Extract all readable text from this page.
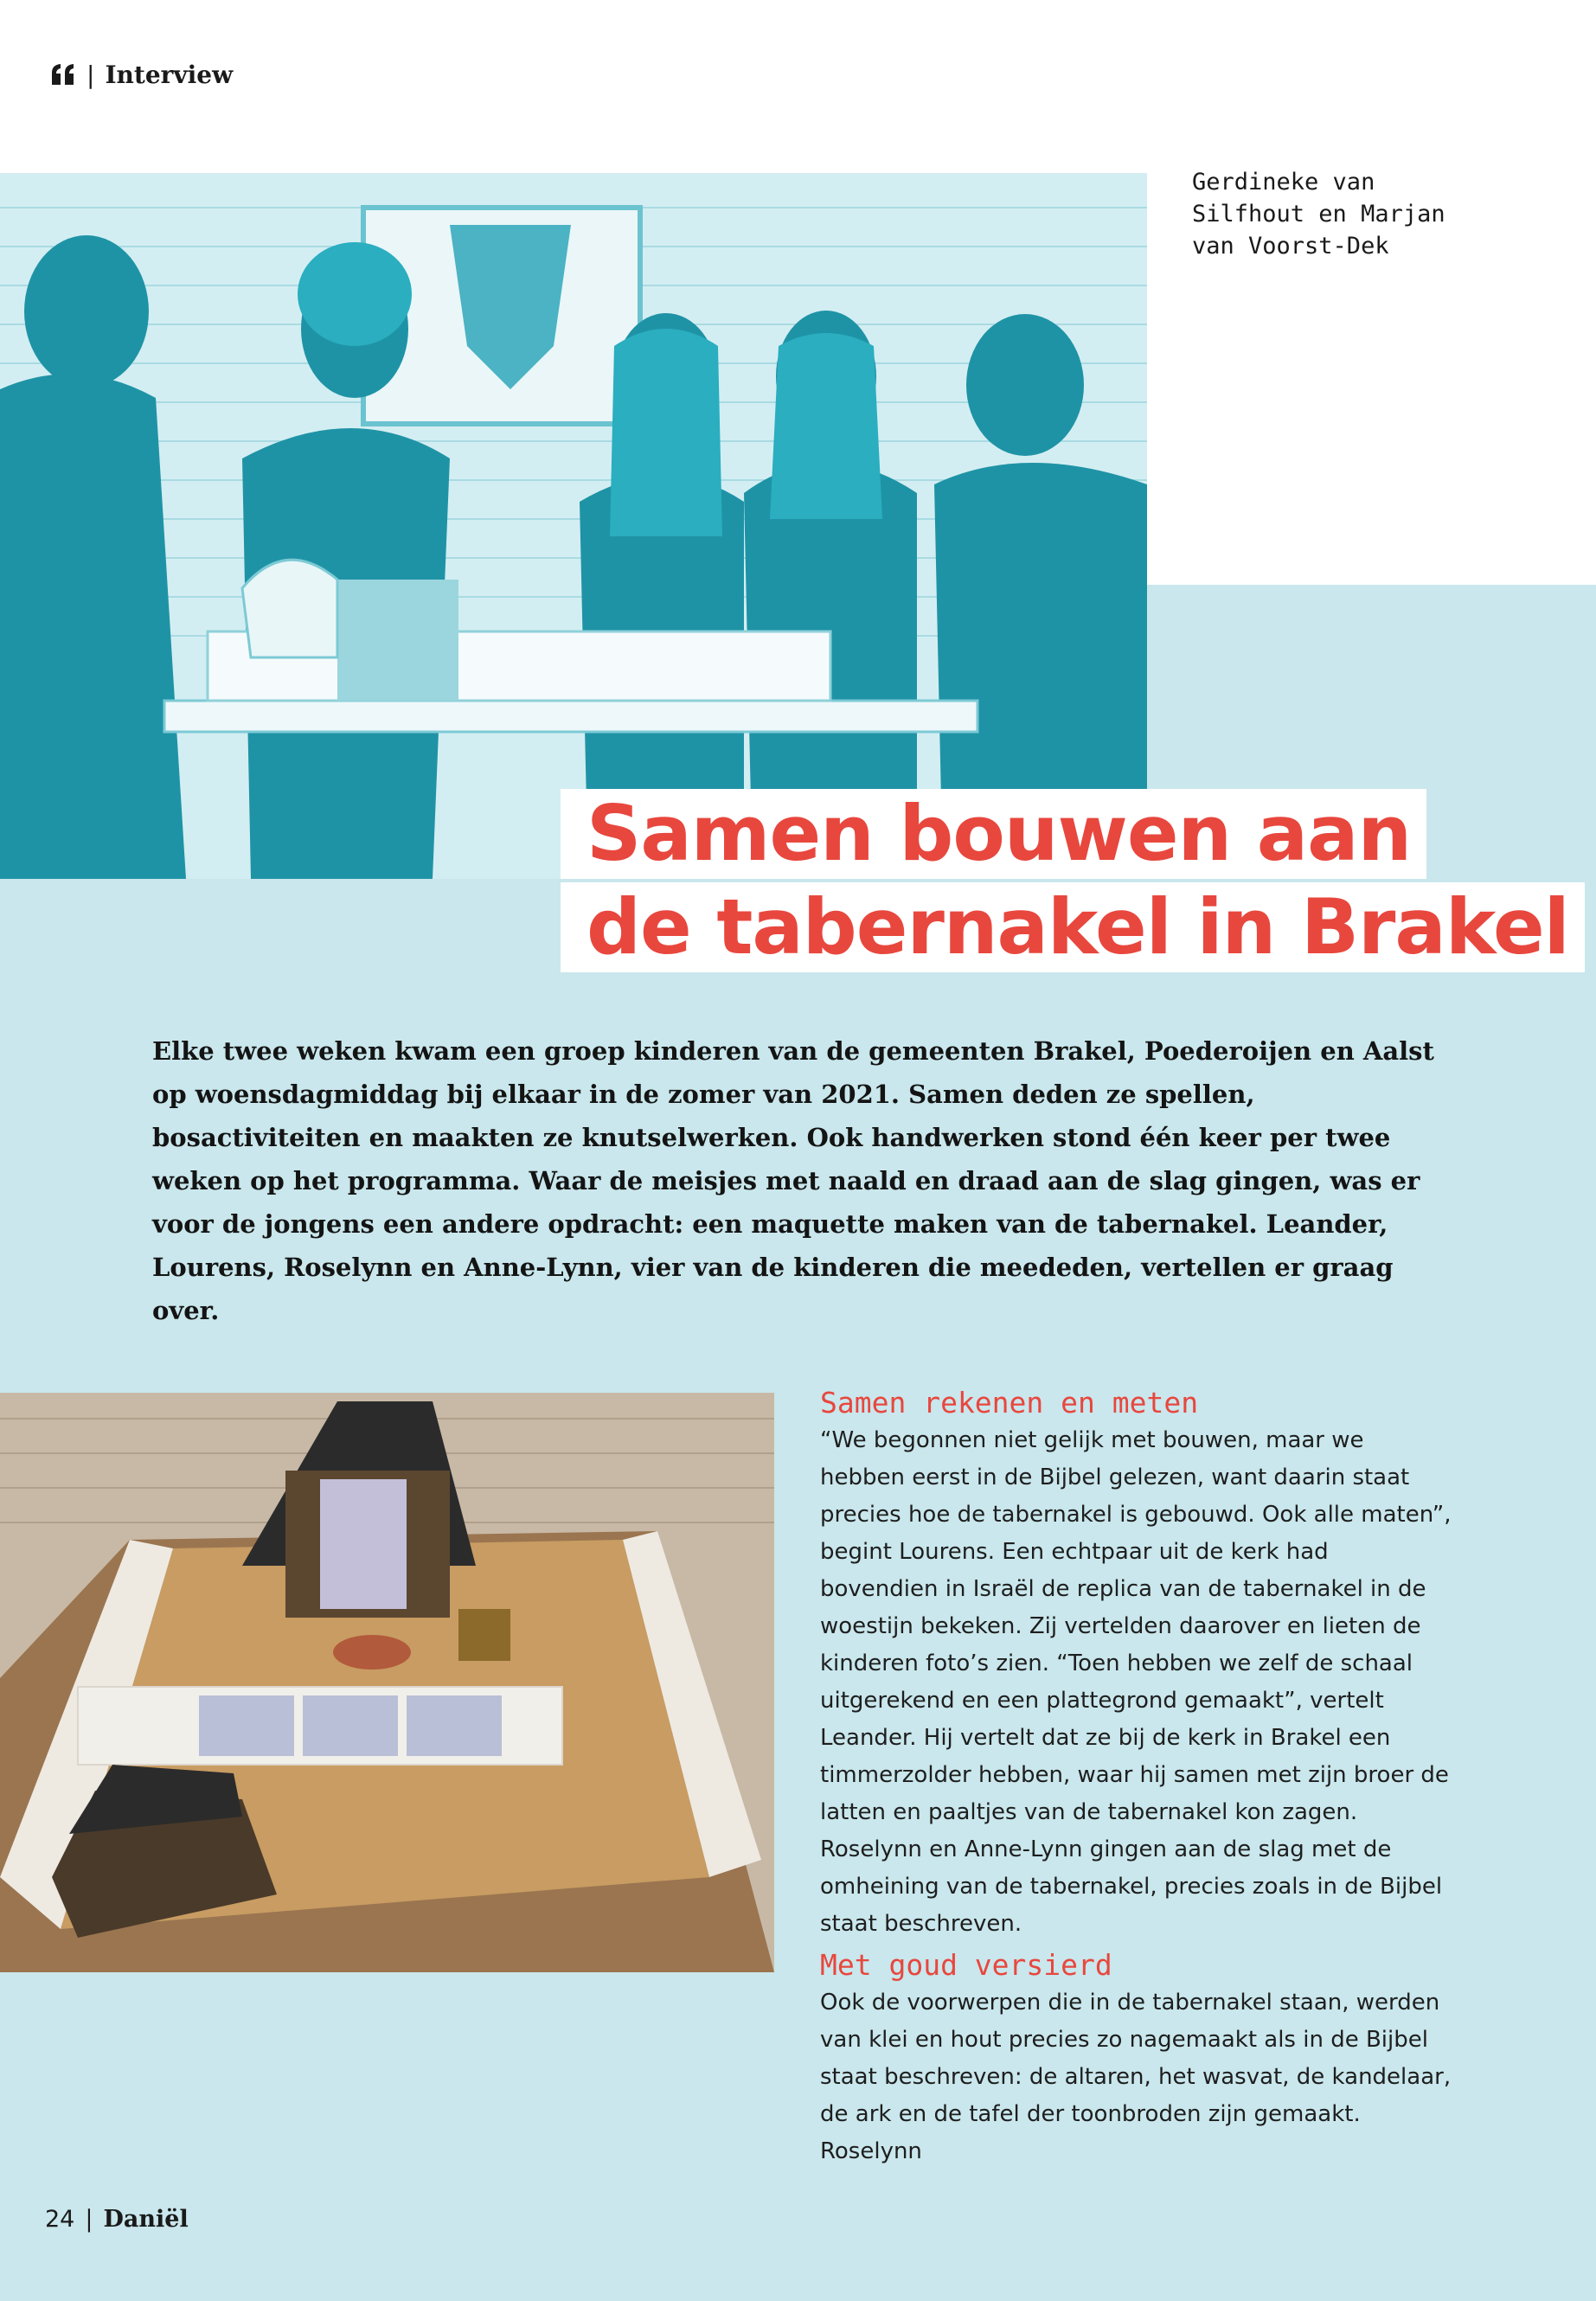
| Interview
Gerdineke van
Silfhout en Marjan
van Voorst-Dek
Samen bouwen aan
de tabernakel in Brakel
Elke twee weken kwam een groep kinderen van de gemeenten Brakel, Poederoijen en Aalst op woensdagmiddag bij elkaar in de zomer van 2021. Samen deden ze spellen, bosactiviteiten en maakten ze knutselwerken. Ook handwerken stond één keer per twee weken op het programma. Waar de meisjes met naald en draad aan de slag gingen, was er voor de jongens een andere opdracht: een maquette maken van de tabernakel. Leander, Lourens, Roselynn en Anne-Lynn, vier van de kinderen die meededen, vertellen er graag over.
Samen rekenen en meten

“We begonnen niet gelijk met bouwen, maar we hebben eerst in de Bijbel gelezen, want daarin staat precies hoe de tabernakel is gebouwd. Ook alle maten”, begint Lourens. Een echtpaar uit de kerk had bovendien in Israël de replica van de tabernakel in de woestijn bekeken. Zij vertelden daarover en lieten de kinderen foto’s zien. “Toen hebben we zelf de schaal uitgerekend en een plattegrond gemaakt”, vertelt Leander. Hij vertelt dat ze bij de kerk in Brakel een timmerzolder hebben, waar hij samen met zijn broer de latten en paaltjes van de tabernakel kon zagen. Roselynn en Anne-Lynn gingen aan de slag met de omheining van de tabernakel, precies zoals in de Bijbel staat beschreven.

Met goud versierd

Ook de voorwerpen die in de tabernakel staan, werden van klei en hout precies zo nagemaakt als in de Bijbel staat beschreven: de altaren, het wasvat, de kandelaar, de ark en de tafel der toonbroden zijn gemaakt. Roselynn

24 | Daniël
